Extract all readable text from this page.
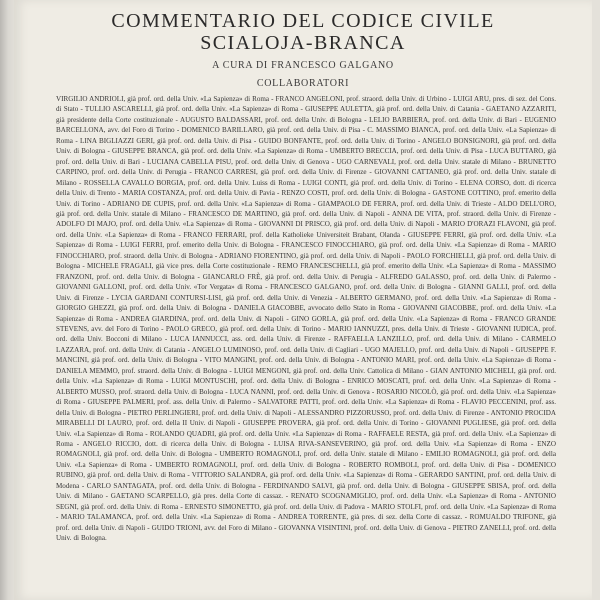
COMMENTARIO DEL CODICE CIVILE
SCIALOJA-BRANCA
A CURA DI FRANCESCO GALGANO
COLLABORATORI
VIRGILIO ANDRIOLI, già prof. ord. della Univ. «La Sapienza» di Roma - FRANCO ANGELONI, prof. straord. della Univ. di Urbino - LUIGI ARU, pres. di sez. del Cons. di Stato - TULLIO ASCARELLI, già prof. ord. della Univ. «La Sapienza» di Roma - GIUSEPPE AULETTA, già prof. ord. della Univ. di Catania - GAETANO AZZARITI, già presidente della Corte costituzionale - AUGUSTO BALDASSARI, prof. ord. della Univ. di Bologna - LELIO BARBIERA, prof. ord. della Univ. di Bari - EUGENIO BARCELLONA, avv. del Foro di Torino - DOMENICO BARILLARO, già prof. ord. della Univ. di Pisa - C. MASSIMO BIANCA, prof. ord. della Univ. «La Sapienza» di Roma - LINA BIGLIAZZI GERI, già prof. ord. della Univ. di Pisa - GUIDO BONFANTE, prof. ord. della Univ. di Torino - ANGELO BONSIGNORI, già prof. ord. della Univ. di Bologna - GIUSEPPE BRANCA, già prof. ord. della Univ. «La Sapienza» di Roma - UMBERTO BRECCIA, prof. ord. della Univ. di Pisa - LUCA BUTTARO, già prof. ord. della Univ. di Bari - LUCIANA CABELLA PISU, prof. ord. della Univ. di Genova - UGO CARNEVALI, prof. ord. della Univ. statale di Milano - BRUNETTO CARPINO, prof. ord. della Univ. di Perugia - FRANCO CARRESI, già prof. ord. della Univ. di Firenze - GIOVANNI CATTANEO, già prof. ord. della Univ. statale di Milano - ROSSELLA CAVALLO BORGIA, prof. ord. della Univ. Luiss di Roma - LUIGI CONTI, già prof. ord. della Univ. di Torino - ELENA CORSO, dott. di ricerca della Univ. di Trento - MARIA COSTANZA, prof. ord. della Univ. di Pavia - RENZO COSTI, prof. ord. della Univ. di Bologna - GASTONE COTTINO, prof. emerito della Univ. di Torino - ADRIANO DE CUPIS, prof. ord. della Univ. «La Sapienza» di Roma - GIAMPAOLO DE FERRA, prof. ord. della Univ. di Trieste - ALDO DELL'ORO, già prof. ord. della Univ. statale di Milano - FRANCESCO DE MARTINO, già prof. ord. della Univ. di Napoli - ANNA DE VITA, prof. straord. della Univ. di Firenze - ADOLFO DI MAJO, prof. ord. della Univ. «La Sapienza» di Roma - GIOVANNI DI PRISCO, già prof. ord. della Univ. di Napoli - MARIO D'ORAZI FLAVONI, già prof. ord. della Univ. «La Sapienza» di Roma - FRANCO FERRARI, prof. della Katholieke Universiteit Brabant, Olanda - GIUSEPPE FERRI, già prof. ord. della Univ. «La Sapienza» di Roma - LUIGI FERRI, prof. emerito della Univ. di Bologna - FRANCESCO FINOCCHIARO, già prof. ord. della Univ. «La Sapienza» di Roma - MARIO FINOCCHIARO, prof. straord. della Univ. di Bologna - ADRIANO FIORENTINO, già prof. ord. della Univ. di Napoli - PAOLO FORCHIELLI, già prof. ord. della Univ. di Bologna - MICHELE FRAGALI, già vice pres. della Corte costituzionale - REMO FRANCESCHELLI, già prof. emerito della Univ. «La Sapienza» di Roma - MASSIMO FRANZONI, prof. ord. della Univ. di Bologna - GIANCARLO FRÈ, già prof. ord. della Univ. di Perugia - ALFREDO GALASSO, prof. ord. della Univ. di Palermo - GIOVANNI GALLONI, prof. ord. della Univ. «Tor Vergata» di Roma - FRANCESCO GALGANO, prof. ord. della Univ. di Bologna - GIANNI GALLI, prof. ord. della Univ. di Firenze - LYCIA GARDANI CONTURSI-LISI, già prof. ord. della Univ. di Venezia - ALBERTO GERMANO, prof. ord. della Univ. «La Sapienza» di Roma - GIORGIO GHEZZI, già prof. ord. della Univ. di Bologna - DANIELA GIACOBBE, avvocato dello Stato in Roma - GIOVANNI GIACOBBE, prof. ord. della Univ. «La Sapienza» di Roma - ANDREA GIARDINA, prof. ord. della Univ. di Napoli - GINO GORLA, già prof. ord. della Univ. «La Sapienza» di Roma - FRANCO GRANDE STEVENS, avv. del Foro di Torino - PAOLO GRECO, già prof. ord. della Univ. di Torino - MARIO IANNUZZI, pres. della Univ. di Trieste - GIOVANNI IUDICA, prof. ord. della Univ. Bocconi di Milano - LUCA IANNUCCI, ass. ord. della Univ. di Firenze - RAFFAELLA LANZILLO, prof. ord. della Univ. di Milano - CARMELO LAZZARA, prof. ord. della Univ. di Catania - ANGELO LUMINOSO, prof. ord. della Univ. di Cagliari - UGO MAJELLO, prof. ord. della Univ. di Napoli - GIUSEPPE F. MANCINI, già prof. ord. della Univ. di Bologna - VITO MANGINI, prof. ord. della Univ. di Bologna - ANTONIO MARI, prof. ord. della Univ. «La Sapienza» di Roma - DANIELA MEMMO, prof. straord. della Univ. di Bologna - LUIGI MENGONI, già prof. ord. della Univ. Cattolica di Milano - GIAN ANTONIO MICHELI, già prof. ord. della Univ. «La Sapienza» di Roma - LUIGI MONTUSCHI, prof. ord. della Univ. di Bologna - ENRICO MOSCATI, prof. ord. della Univ. «La Sapienza» di Roma - ALBERTO MUSSO, prof. straord. della Univ. di Bologna - LUCA NANNI, prof. ord. della Univ. di Genova - ROSARIO NICOLÒ, già prof. ord. della Univ. «La Sapienza» di Roma - GIUSEPPE PALMERI, prof. ass. della Univ. di Palermo - SALVATORE PATTI, prof. ord. della Univ. «La Sapienza» di Roma - FLAVIO PECCENINI, prof. ass. della Univ. di Bologna - PIETRO PERLINGIERI, prof. ord. della Univ. di Napoli - ALESSANDRO PIZZORUSSO, prof. ord. della Univ. di Firenze - ANTONIO PROCIDA MIRABELLI DI LAURO, prof. ord. della II Univ. di Napoli - GIUSEPPE PROVERA, già prof. ord. della Univ. di Torino - GIOVANNI PUGLIESE, già prof. ord. della Univ. «La Sapienza» di Roma - ROLANDO QUADRI, già prof. ord. della Univ. «La Sapienza» di Roma - RAFFAELE RESTA, già prof. ord. della Univ. «La Sapienza» di Roma - ANGELO RICCIO, dott. di ricerca della Univ. di Bologna - LUISA RIVA-SANSEVERINO, già prof. ord. della Univ. «La Sapienza» di Roma - ENZO ROMAGNOLI, già prof. ord. della Univ. di Bologna - UMBERTO ROMAGNOLI, prof. ord. della Univ. statale di Milano - EMILIO ROMAGNOLI, già prof. ord. della Univ. «La Sapienza» di Roma - UMBERTO ROMAGNOLI, prof. ord. della Univ. di Bologna - ROBERTO ROMBOLI, prof. ord. della Univ. di Pisa - DOMENICO RUBINO, già prof. ord. della Univ. di Roma - VITTORIO SALANDRA, già prof. ord. della Univ. «La Sapienza» di Roma - GERARDO SANTINI, prof. ord. della Univ. di Modena - CARLO SANTAGATA, prof. ord. della Univ. di Bologna - FERDINANDO SALVI, già prof. ord. della Univ. di Bologna - GIUSEPPE SBISA, prof. ord. della Univ. di Milano - GAETANO SCARPELLO, già pres. della Corte di cassaz. - RENATO SCOGNAMIGLIO, prof. ord. della Univ. «La Sapienza» di Roma - ANTONIO SEGNI, già prof. ord. della Univ. di Roma - ERNESTO SIMONETTO, già prof. ord. della Univ. di Padova - MARIO STOLFI, prof. ord. della Univ. «La Sapienza» di Roma - MARIO TALAMANCA, prof. ord. della Univ. «La Sapienza» di Roma - ANDREA TORRENTE, già pres. di sez. della Corte di cassaz. - ROMUALDO TRIFONE, già prof. ord. della Univ. di Napoli - GUIDO TRIONI, avv. del Foro di Milano - GIOVANNA VISINTINI, prof. ord. della Univ. di Genova - PIETRO ZANELLI, prof. ord. della Univ. di Bologna.
